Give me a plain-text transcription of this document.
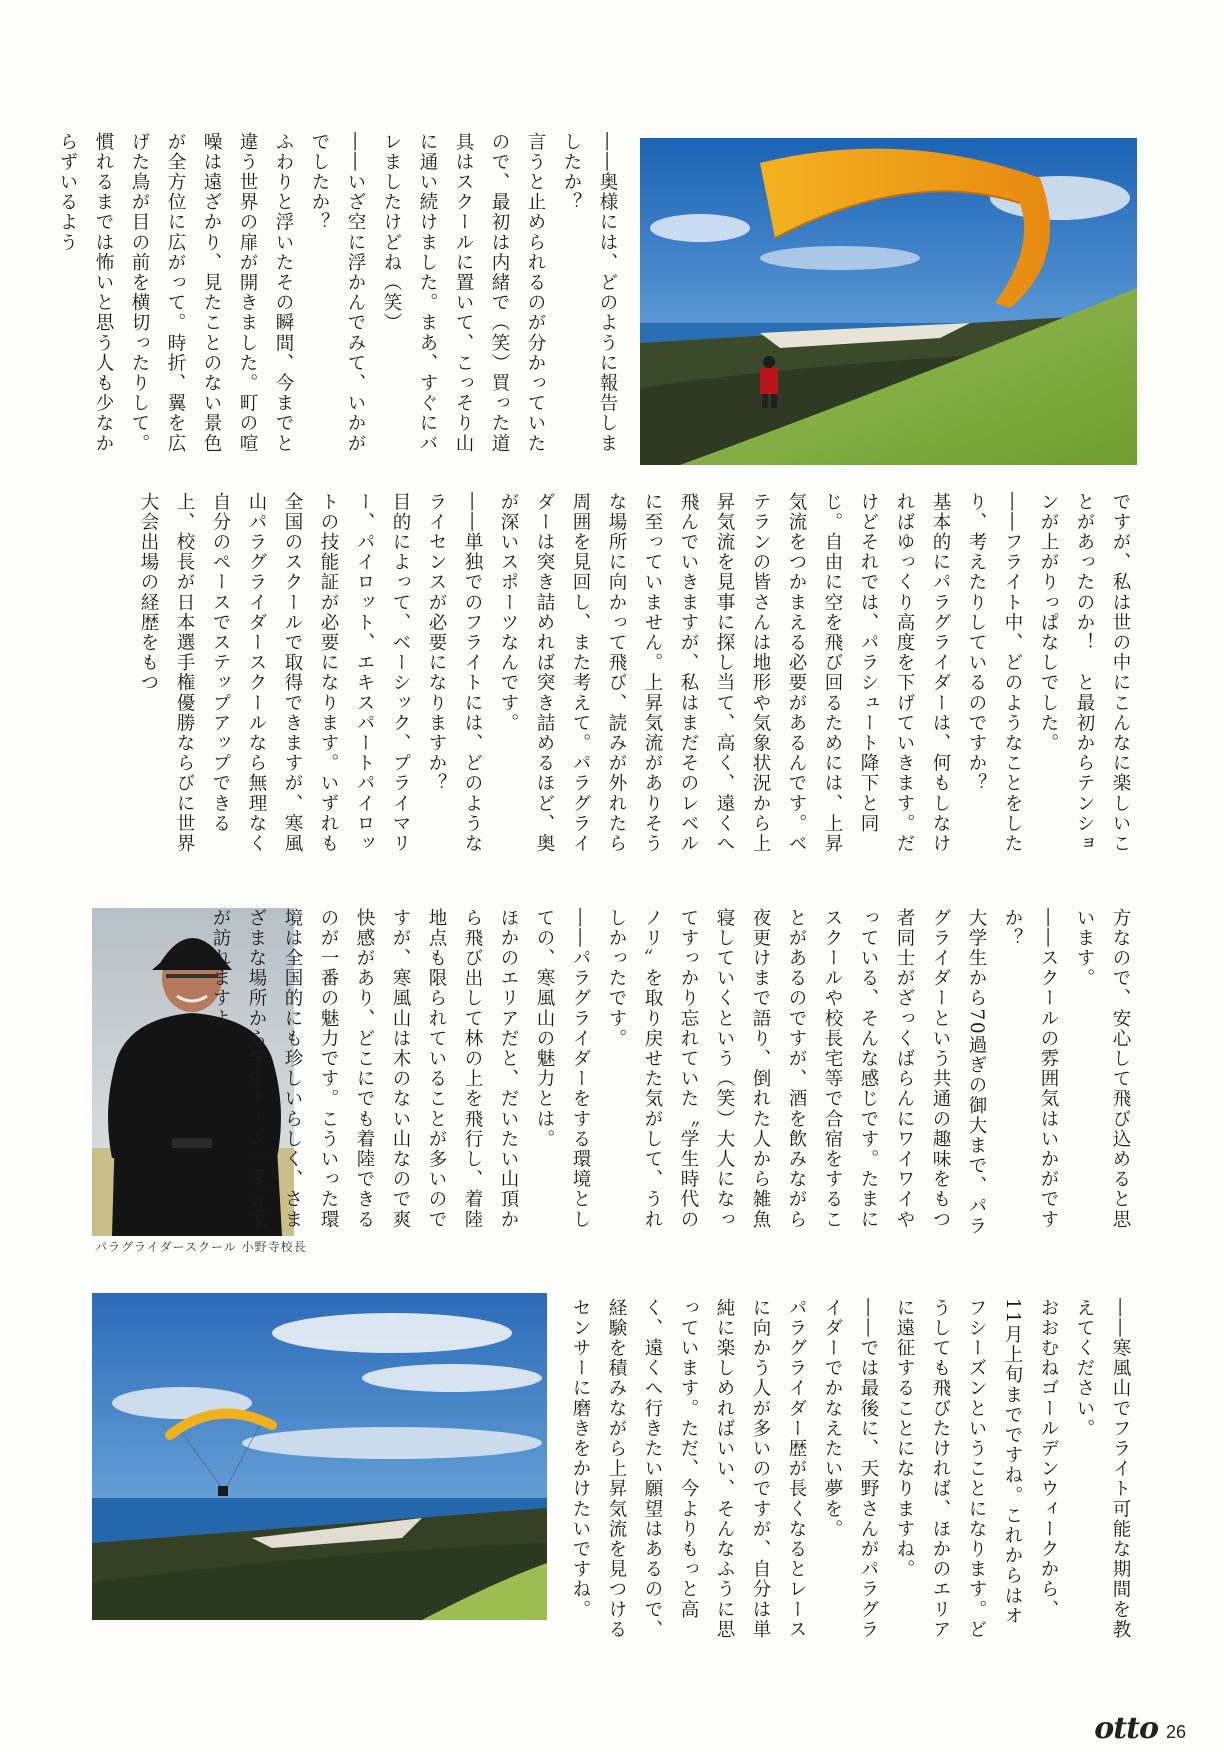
――奥様には、どのように報告しましたか？
言うと止められるのが分かっていたので、最初は内緒で（笑）買った道具はスクールに置いて、こっそり山に通い続けました。まあ、すぐにバレましたけどね（笑）
――いざ空に浮かんでみて、いかがでしたか？
ふわりと浮いたその瞬間、今までと違う世界の扉が開きました。町の喧噪は遠ざかり、見たことのない景色が全方位に広がって。時折、翼を広げた鳥が目の前を横切ったりして。慣れるまでは怖いと思う人も少なからずいるよう
ですが、私は世の中にこんなに楽しいことがあったのか！　と最初からテンションが上がりっぱなしでした。
――フライト中、どのようなことをしたり、考えたりしているのですか？
基本的にパラグライダーは、何もしなければゆっくり高度を下げていきます。だけどそれでは、パラシュート降下と同じ。自由に空を飛び回るためには、上昇気流をつかまえる必要があるんです。ベテランの皆さんは地形や気象状況から上昇気流を見事に探し当て、高く、遠くへ飛んでいきますが、私はまだそのレベルに至っていません。上昇気流がありそうな場所に向かって飛び、読みが外れたら周囲を見回し、また考えて。パラグライダーは突き詰めれば突き詰めるほど、奥が深いスポーツなんです。
――単独でのフライトには、どのようなライセンスが必要になりますか？
目的によって、ベーシック、プライマリー、パイロット、エキスパートパイロットの技能証が必要になります。いずれも全国のスクールで取得できますが、寒風山パラグライダースクールなら無理なく自分のペースでステップアップできる上、校長が日本選手権優勝ならびに世界大会出場の経歴をもつ
パラグライダースクール 小野寺校長
方なので、安心して飛び込めると思います。
――スクールの雰囲気はいかがですか？
大学生から70過ぎの御大まで、パラグライダーという共通の趣味をもつ者同士がざっくばらんにワイワイやっている、そんな感じです。たまにスクールや校長宅等で合宿をすることがあるのですが、酒を飲みながら夜更けまで語り、倒れた人から雑魚寝していくという（笑）大人になってすっかり忘れていた〝学生時代のノリ〟を取り戻せた気がして、うれしかったです。
――パラグライダーをする環境としての、寒風山の魅力とは。
ほかのエリアだと、だいたい山頂から飛び出して林の上を飛行し、着陸地点も限られていることが多いのですが、寒風山は木のない山なので爽快感があり、どこにでも着陸できるのが一番の魅力です。こういった環境は全国的にも珍しいらしく、さまざまな場所から学生チームや愛好家が訪れますよ。
――寒風山でフライト可能な期間を教えてください。
おおむねゴールデンウィークから、11月上旬までですね。これからはオフシーズンということになります。どうしても飛びたければ、ほかのエリアに遠征することになりますね。
――では最後に、天野さんがパラグライダーでかなえたい夢を。
パラグライダー歴が長くなるとレースに向かう人が多いのですが、自分は単純に楽しめればいい、そんなふうに思っています。ただ、今よりもっと高く、遠くへ行きたい願望はあるので、経験を積みながら上昇気流を見つけるセンサーに磨きをかけたいですね。
otto 26
